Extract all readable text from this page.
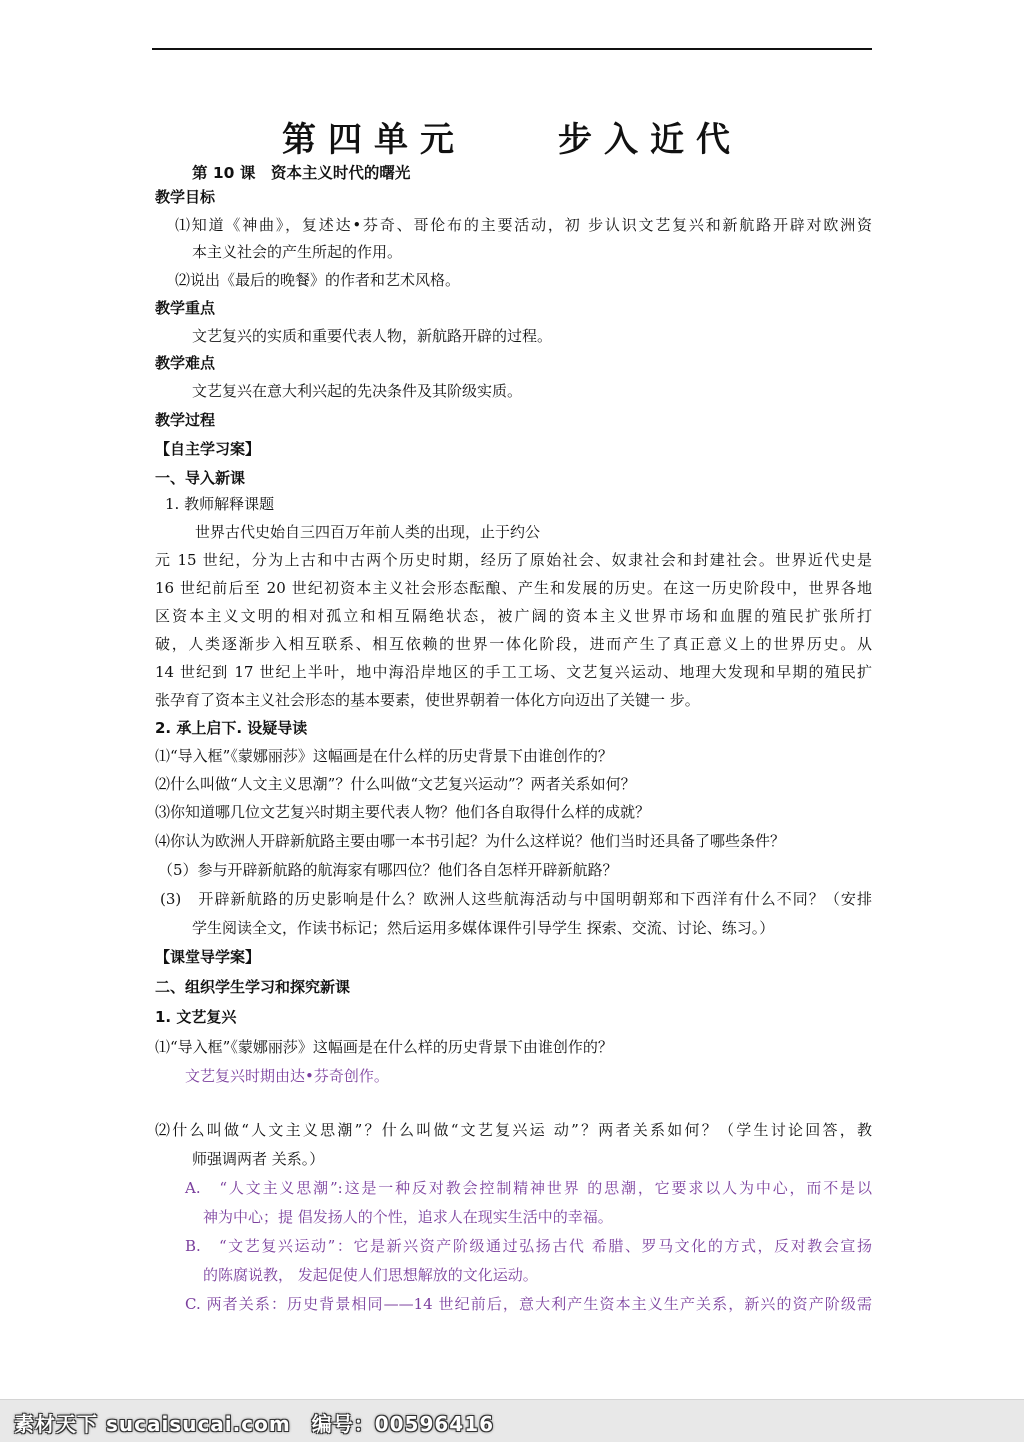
第四单元　　步入近代
第 10 课　资本主义时代的曙光
教学目标
⑴知道《神曲》，复述达•芬奇、哥伦布的主要活动，初 步认识文艺复兴和新航路开辟对欧洲资
本主义社会的产生所起的作用。
⑵说出《最后的晚餐》的作者和艺术风格。
教学重点
文艺复兴的实质和重要代表人物，新航路开辟的过程。
教学难点
文艺复兴在意大利兴起的先决条件及其阶级实质。
教学过程
【自主学习案】
一、导入新课
1. 教师解释课题
世界古代史始自三四百万年前人类的出现，止于约公
元 15 世纪，分为上古和中古两个历史时期，经历了原始社会、奴隶社会和封建社会。世界近代史是
16 世纪前后至 20 世纪初资本主义社会形态酝酿、产生和发展的历史。在这一历史阶段中，世界各地
区资本主义文明的相对孤立和相互隔绝状态，被广阔的资本主义世界市场和血腥的殖民扩张所打
破，人类逐渐步入相互联系、相互依赖的世界一体化阶段，进而产生了真正意义上的世界历史。从
14 世纪到 17 世纪上半叶，地中海沿岸地区的手工工场、文艺复兴运动、地理大发现和早期的殖民扩
张孕育了资本主义社会形态的基本要素，使世界朝着一体化方向迈出了关键一 步。
2. 承上启下. 设疑导读
⑴“导入框”《蒙娜丽莎》这幅画是在什么样的历史背景下由谁创作的？
⑵什么叫做“人文主义思潮”？什么叫做“文艺复兴运动”？两者关系如何？
⑶你知道哪几位文艺复兴时期主要代表人物？他们各自取得什么样的成就？
⑷你认为欧洲人开辟新航路主要由哪一本书引起？为什么这样说？他们当时还具备了哪些条件？
（5）参与开辟新航路的航海家有哪四位？他们各自怎样开辟新航路？
(3)　开辟新航路的历史影响是什么？欧洲人这些航海活动与中国明朝郑和下西洋有什么不同？（安排
学生阅读全文，作读书标记；然后运用多媒体课件引导学生 探索、交流、讨论、练习。）
【课堂导学案】
二、组织学生学习和探究新课
1. 文艺复兴
⑴“导入框”《蒙娜丽莎》这幅画是在什么样的历史背景下由谁创作的？
文艺复兴时期由达•芬奇创作。
⑵什么叫做“人文主义思潮”？什么叫做“文艺复兴运 动”？两者关系如何？（学生讨论回答，教
师强调两者 关系。）
A.　“人文主义思潮”:这是一种反对教会控制精神世界 的思潮，它要求以人为中心，而不是以
神为中心；提 倡发扬人的个性，追求人在现实生活中的幸福。
B.　“文艺复兴运动”：它是新兴资产阶级通过弘扬古代 希腊、罗马文化的方式，反对教会宣扬
的陈腐说教， 发起促使人们思想解放的文化运动。
C. 两者关系：历史背景相同——14 世纪前后，意大利产生资本主义生产关系，新兴的资产阶级需
素材天下 sucaisucai.com　编号：00596416
